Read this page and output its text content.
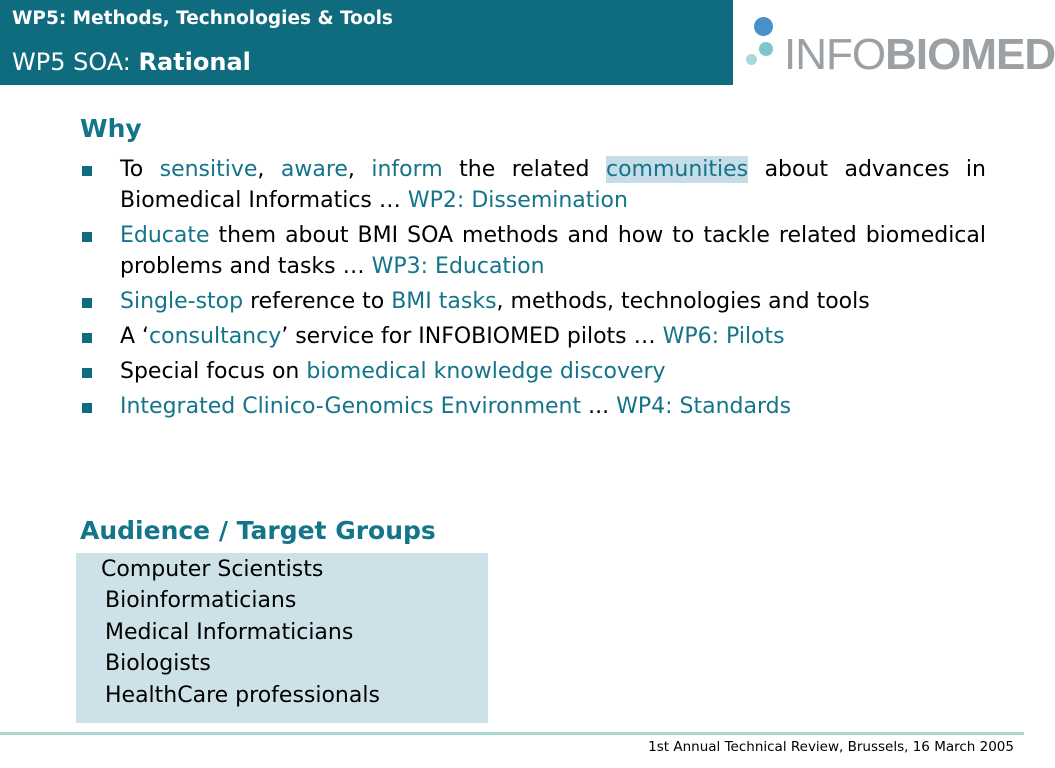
WP5: Methods, Technologies & Tools
WP5 SOA: Rational	INFOBIOMED
Why
To sensitive, aware, inform the related communities about advances in Biomedical Informatics … WP2: Dissemination
Educate them about BMI SOA methods and how to tackle related biomedical problems and tasks … WP3: Education
Single-stop reference to BMI tasks, methods, technologies and tools
A ‘consultancy’ service for INFOBIOMED pilots … WP6: Pilots
Special focus on biomedical knowledge discovery
Integrated Clinico-Genomics Environment ... WP4: Standards
Audience / Target Groups
Computer Scientists
Bioinformaticians
Medical Informaticians
Biologists
HealthCare professionals
1st Annual Technical Review, Brussels, 16 March 2005
